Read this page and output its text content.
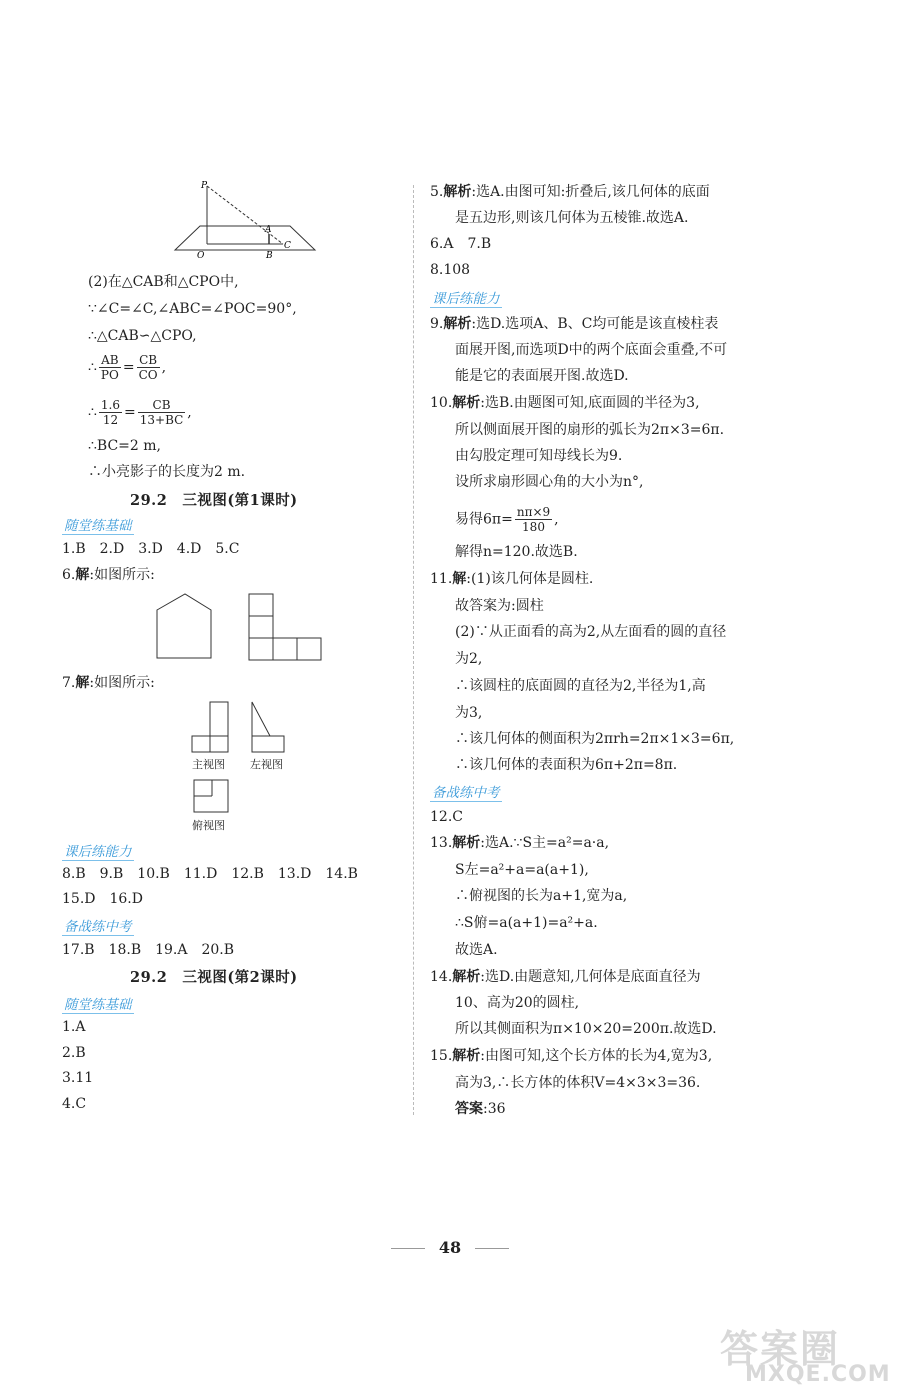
P
O
A
B
C
(2)在△CAB和△CPO中,
∵∠C=∠C,∠ABC=∠POC=90°,
∴△CAB∽△CPO,
∴ $\frac{AB}{PO} = \frac{CB}{CO}$ ,
∴ $\frac{1.6}{12} = \frac{CB}{13+BC}$ ,
∴BC=2 m,
∴小亮影子的长度为2 m.
29.2　三视图(第1课时)
随堂练基础
1.B　2.D　3.D　4.D　5.C
6.解:如图所示:
7.解:如图所示:
主视图 左视图
俯视图
课后练能力
8.B　9.B　10.B　11.D　12.B　13.D　14.B
15.D　16.D
备战练中考
17.B　18.B　19.A　20.B
29.2　三视图(第2课时)
随堂练基础
1.A
2.B
3.11
4.C
5.解析:选A.由图可知:折叠后,该几何体的底面
是五边形,则该几何体为五棱锥.故选A.
6.A　7.B
8.108
课后练能力
9.解析:选D.选项A、B、C均可能是该直棱柱表
面展开图,而选项D中的两个底面会重叠,不可
能是它的表面展开图.故选D.
10.解析:选B.由题图可知,底面圆的半径为3,
所以侧面展开图的扇形的弧长为2π×3=6π.
由勾股定理可知母线长为9.
设所求扇形圆心角的大小为n°,
易得$6\pi= \frac{n\pi\times 9}{180}$ ,
解得n=120.故选B.
11.解:(1)该几何体是圆柱.
故答案为:圆柱
(2)∵从正面看的高为2,从左面看的圆的直径
为2,
∴该圆柱的底面圆的直径为2,半径为1,高
为3,
∴该几何体的侧面积为2πrh=2π×1×3=6π,
∴该几何体的表面积为6π+2π=8π.
备战练中考
12.C
13.解析:选A.∵S主=a²=a·a,
S左=a²+a=a(a+1),
∴俯视图的长为a+1,宽为a,
∴S俯=a(a+1)=a²+a.
故选A.
14.解析:选D.由题意知,几何体是底面直径为
10、高为20的圆柱,
所以其侧面积为π×10×20=200π.故选D.
15.解析:由图可知,这个长方体的长为4,宽为3,
高为3,∴长方体的体积V=4×3×3=36.
答案:36
48
答案圈
MXQE.COM
